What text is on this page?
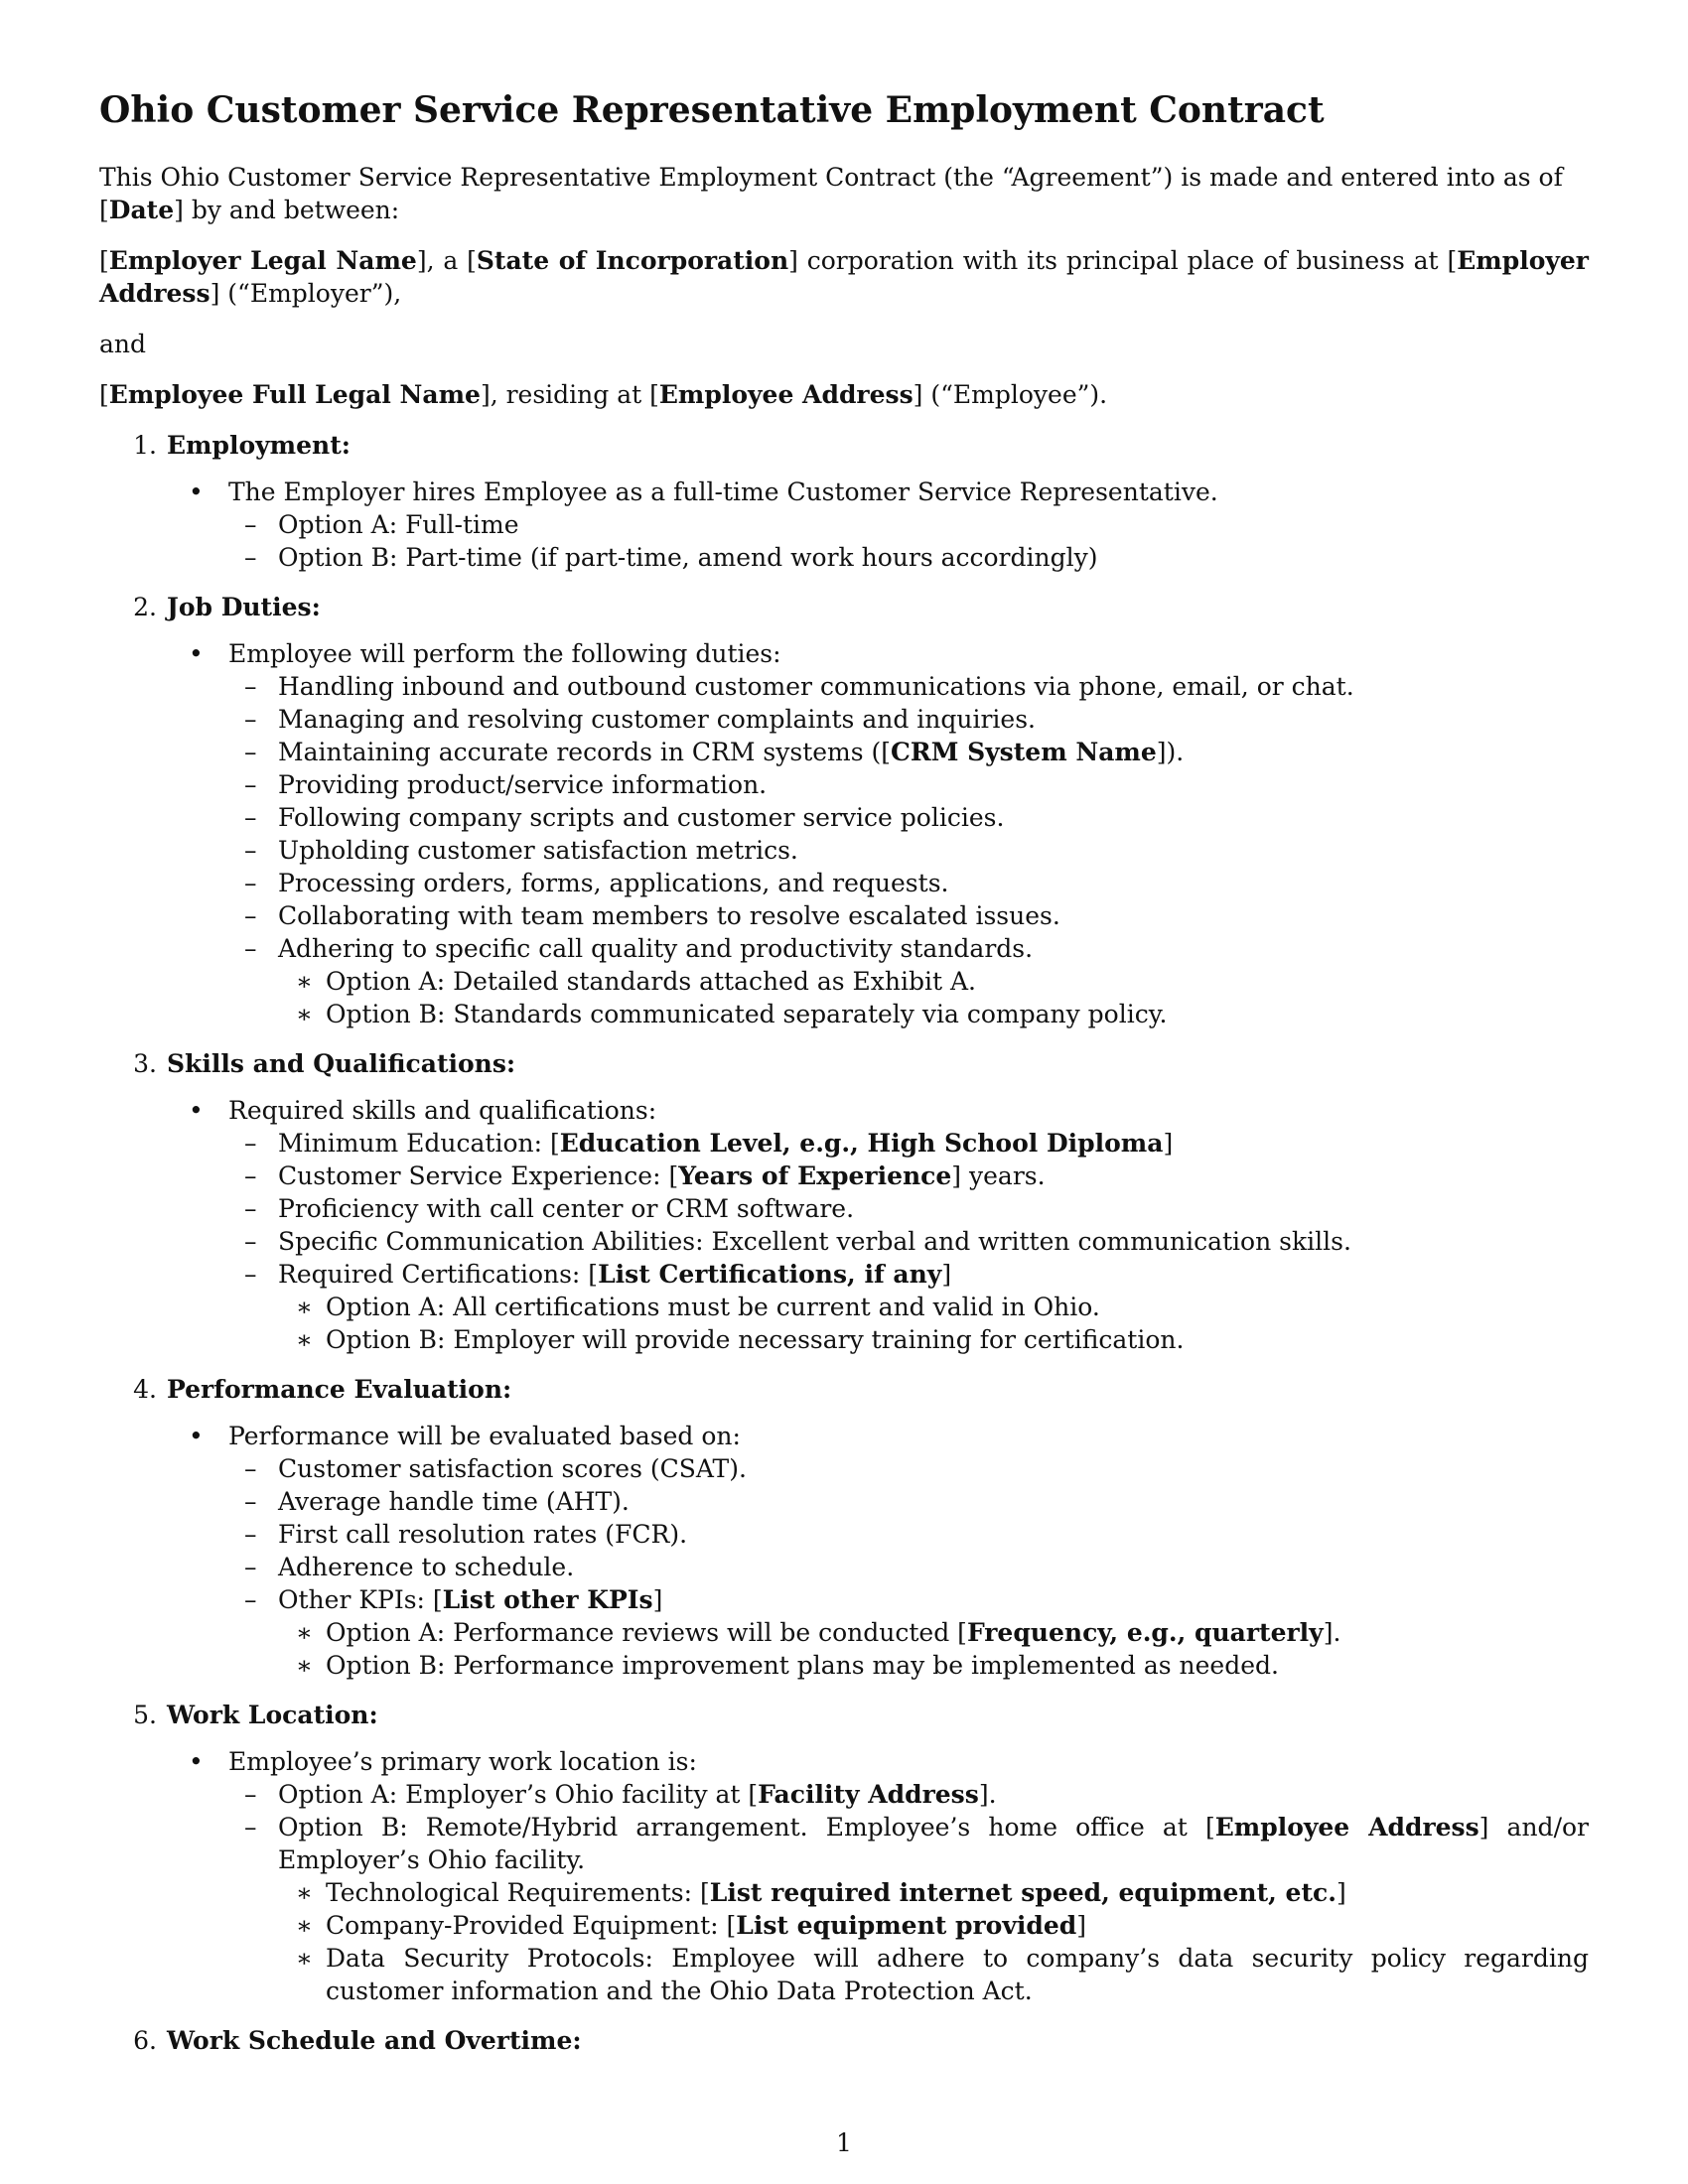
Ohio Customer Service Representative Employment Contract

This Ohio Customer Service Representative Employment Contract (the “Agreement”) is made and entered into as of [Date] by and between:

[Employer Legal Name], a [State of Incorporation] corporation with its principal place of business at [Employer Address] (“Employer”),

and

[Employee Full Legal Name], residing at [Employee Address] (“Employee”).

1. Employment:
• The Employer hires Employee as a full-time Customer Service Representative.
– Option A: Full-time
– Option B: Part-time (if part-time, amend work hours accordingly)
2. Job Duties:
• Employee will perform the following duties:
– Handling inbound and outbound customer communications via phone, email, or chat.
– Managing and resolving customer complaints and inquiries.
– Maintaining accurate records in CRM systems ([CRM System Name]).
– Providing product/service information.
– Following company scripts and customer service policies.
– Upholding customer satisfaction metrics.
– Processing orders, forms, applications, and requests.
– Collaborating with team members to resolve escalated issues.
– Adhering to specific call quality and productivity standards.
∗ Option A: Detailed standards attached as Exhibit A.
∗ Option B: Standards communicated separately via company policy.
3. Skills and Qualifications:
• Required skills and qualifications:
– Minimum Education: [Education Level, e.g., High School Diploma]
– Customer Service Experience: [Years of Experience] years.
– Proficiency with call center or CRM software.
– Specific Communication Abilities: Excellent verbal and written communication skills.
– Required Certifications: [List Certifications, if any]
∗ Option A: All certifications must be current and valid in Ohio.
∗ Option B: Employer will provide necessary training for certification.
4. Performance Evaluation:
• Performance will be evaluated based on:
– Customer satisfaction scores (CSAT).
– Average handle time (AHT).
– First call resolution rates (FCR).
– Adherence to schedule.
– Other KPIs: [List other KPIs]
∗ Option A: Performance reviews will be conducted [Frequency, e.g., quarterly].
∗ Option B: Performance improvement plans may be implemented as needed.
5. Work Location:
• Employee’s primary work location is:
– Option A: Employer’s Ohio facility at [Facility Address].
– Option B: Remote/Hybrid arrangement. Employee’s home office at [Employee Address] and/or Employer’s Ohio facility.
∗ Technological Requirements: [List required internet speed, equipment, etc.]
∗ Company-Provided Equipment: [List equipment provided]
∗ Data Security Protocols: Employee will adhere to company’s data security policy regarding customer information and the Ohio Data Protection Act.
6. Work Schedule and Overtime:
1
